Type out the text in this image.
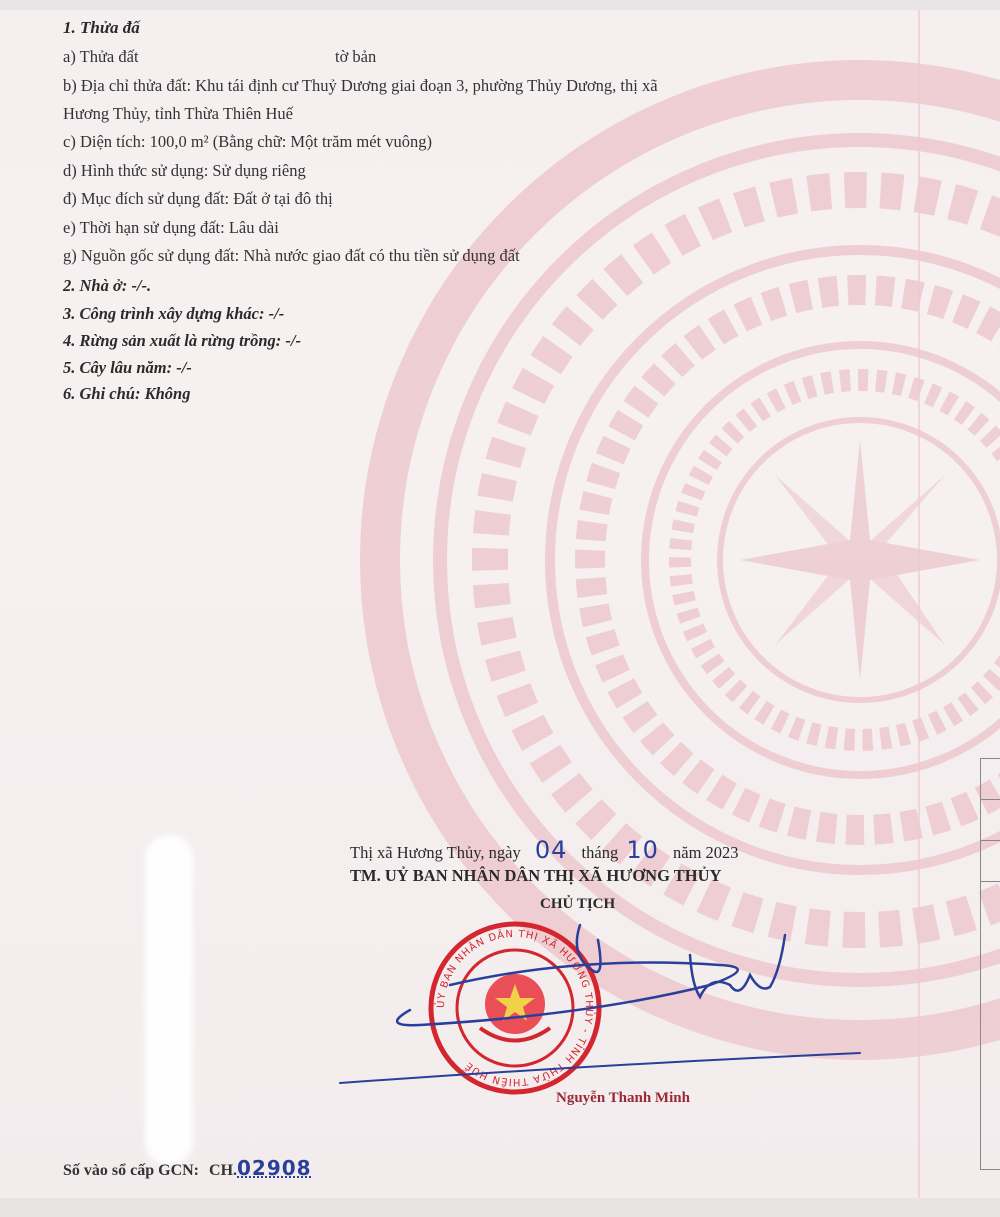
1. Thửa đấ
a) Thửa đất	tờ bản
b) Địa chỉ thửa đất: Khu tái định cư Thuỷ Dương giai đoạn 3, phường Thủy Dương, thị xã
Hương Thủy, tỉnh Thừa Thiên Huế
c) Diện tích: 100,0 m² (Bằng chữ: Một trăm mét vuông)
d) Hình thức sử dụng: Sử dụng riêng
đ) Mục đích sử dụng đất: Đất ở tại đô thị
e) Thời hạn sử dụng đất: Lâu dài
g) Nguồn gốc sử dụng đất: Nhà nước giao đất có thu tiền sử dụng đất
2. Nhà ở: -/-.
3. Công trình xây dựng khác: -/-
4. Rừng sản xuất là rừng trồng: -/-
5. Cây lâu năm: -/-
6. Ghi chú: Không
Thị xã Hương Thủy, ngày 04 tháng 10 năm 2023
TM. UỶ BAN NHÂN DÂN THỊ XÃ HƯƠNG THỦY
CHỦ TỊCH
ỦY BAN NHÂN DÂN THỊ XÃ HƯƠNG THỦY - TỈNH THỪA THIÊN HUẾ
Nguyễn Thanh Minh
Số vào sổ cấp GCN: CH.02908
